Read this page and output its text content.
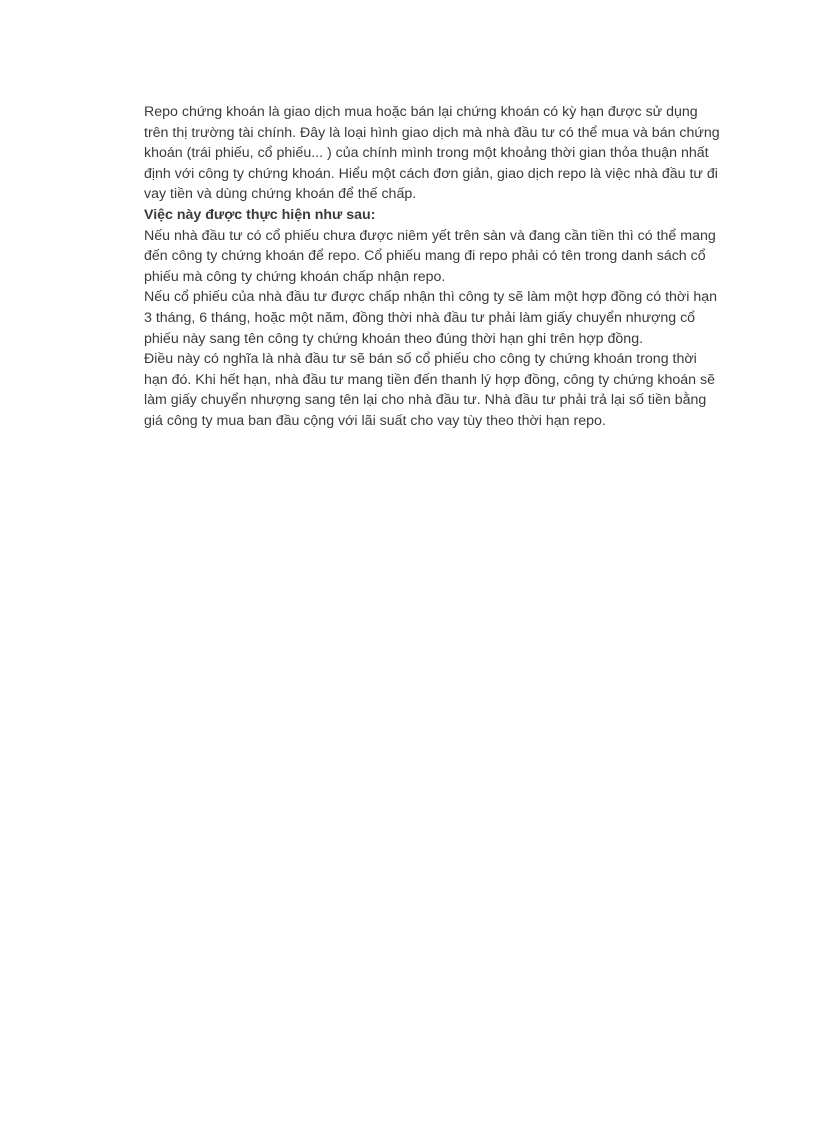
Repo chứng khoán là giao dịch mua hoặc bán lại chứng khoán có kỳ hạn được sử dụng trên thị trường tài chính. Đây là loại hình giao dịch mà nhà đầu tư có thể mua và bán chứng khoán (trái phiếu, cổ phiếu... ) của chính mình trong một khoảng thời gian thỏa thuận nhất định với công ty chứng khoán. Hiểu một cách đơn giản, giao dịch repo là việc nhà đầu tư đi vay tiền và dùng chứng khoán để thế chấp.

Việc này được thực hiện như sau:

Nếu nhà đầu tư có cổ phiếu chưa được niêm yết trên sàn và đang cần tiền thì có thể mang đến công ty chứng khoán để repo. Cổ phiếu mang đi repo phải có tên trong danh sách cổ phiếu mà công ty chứng khoán chấp nhận repo.

Nếu cổ phiếu của nhà đầu tư được chấp nhận thì công ty sẽ làm một hợp đồng có thời hạn 3 tháng, 6 tháng, hoặc một năm, đồng thời nhà đầu tư phải làm giấy chuyển nhượng cổ phiếu này sang tên công ty chứng khoán theo đúng thời hạn ghi trên hợp đồng.

Điều này có nghĩa là nhà đầu tư sẽ bán số cổ phiếu cho công ty chứng khoán trong thời hạn đó. Khi hết hạn, nhà đầu tư mang tiền đến thanh lý hợp đồng, công ty chứng khoán sẽ làm giấy chuyển nhượng sang tên lại cho nhà đầu tư. Nhà đầu tư phải trả lại số tiền bằng giá công ty mua ban đầu cộng với lãi suất cho vay tùy theo thời hạn repo.
